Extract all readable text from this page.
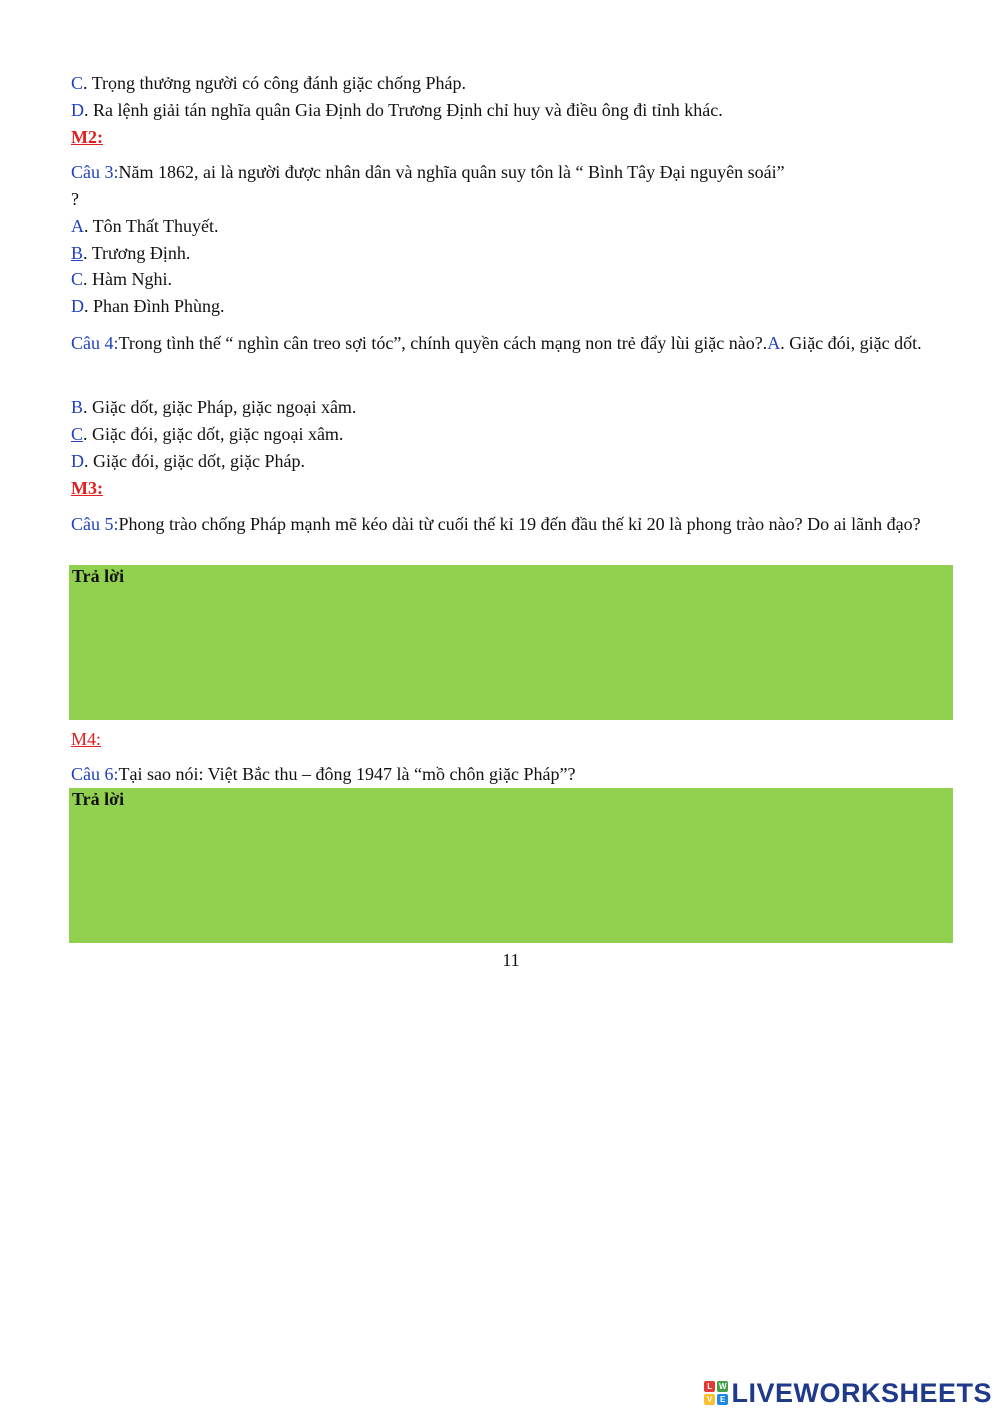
C. Trọng thưởng người có công đánh giặc chống Pháp.
D. Ra lệnh giải tán nghĩa quân Gia Định do Trương Định chỉ huy và điều ông đi tỉnh khác.
M2:
Câu 3:Năm 1862, ai là người được nhân dân và nghĩa quân suy tôn là “ Bình Tây Đại nguyên soái”
?
A. Tôn Thất Thuyết.
B. Trương Định.
C. Hàm Nghi.
D. Phan Đình Phùng.
Câu 4:Trong tình thế “ nghìn cân treo sợi tóc”, chính quyền cách mạng non trẻ đẩy lùi giặc nào?.A. Giặc đói, giặc dốt.
B. Giặc dốt, giặc Pháp, giặc ngoại xâm.
C. Giặc đói, giặc dốt, giặc ngoại xâm.
D. Giặc đói, giặc dốt, giặc Pháp.
M3:
Câu 5:Phong trào chống Pháp mạnh mẽ kéo dài từ cuối thế kỉ 19 đến đầu thế kỉ 20 là phong trào nào? Do ai lãnh đạo?
Trả lời
M4:
Câu 6:Tại sao nói: Việt Bắc thu – đông 1947 là “mồ chôn giặc Pháp”?
Trả lời
11
L W
V E LIVEWORKSHEETS
